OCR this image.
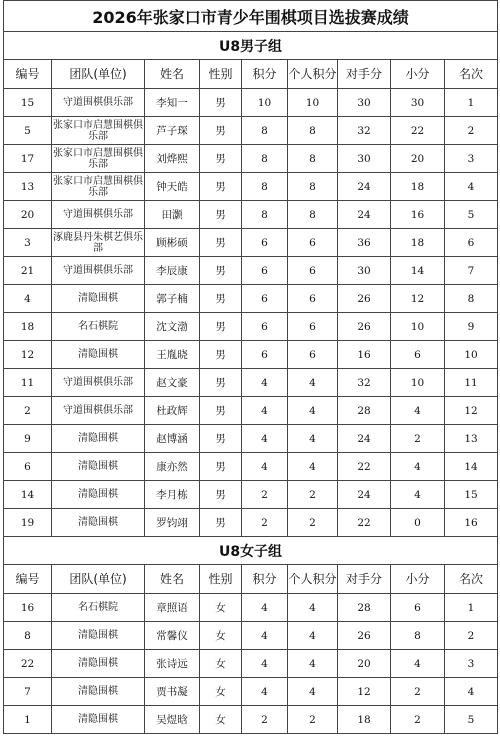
2026年张家口市青少年围棋项目选拔赛成绩								
U8男子组								
编号	团队(单位)	姓名	性别	积分	个人积分	对手分	小分	名次
15	守道围棋俱乐部	李知一	男	10	10	30	30	1
5	张家口市启慧围棋俱乐部	芦子琛	男	8	8	32	22	2
17	张家口市启慧围棋俱乐部	刘烨熙	男	8	8	30	20	3
13	张家口市启慧围棋俱乐部	钟天皓	男	8	8	24	18	4
20	守道围棋俱乐部	田灏	男	8	8	24	16	5
3	涿鹿县丹朱棋艺俱乐部	顾彬硕	男	6	6	36	18	6
21	守道围棋俱乐部	李辰康	男	6	6	30	14	7
4	清隐围棋	郭子楠	男	6	6	26	12	8
18	名石棋院	沈文渤	男	6	6	26	10	9
12	清隐围棋	王胤晓	男	6	6	16	6	10
11	守道围棋俱乐部	赵文豪	男	4	4	32	10	11
2	守道围棋俱乐部	杜政辉	男	4	4	28	4	12
9	清隐围棋	赵博涵	男	4	4	24	2	13
6	清隐围棋	康亦然	男	4	4	22	4	14
14	清隐围棋	李月栋	男	2	2	24	4	15
19	清隐围棋	罗钧翊	男	2	2	22	0	16
U8女子组								
编号	团队(单位)	姓名	性别	积分	个人积分	对手分	小分	名次
16	名石棋院	章照语	女	4	4	28	6	1
8	清隐围棋	常馨仪	女	4	4	26	8	2
22	清隐围棋	张诗远	女	4	4	20	4	3
7	清隐围棋	贾书凝	女	4	4	12	2	4
1	清隐围棋	吴煜晗	女	2	2	18	2	5
